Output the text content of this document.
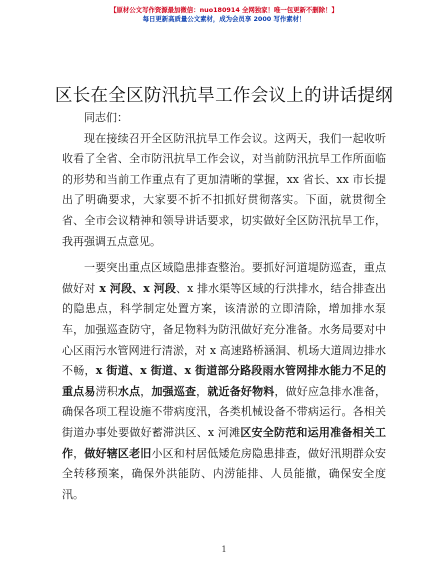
【原材公文写作资源最加微信：nuo180914 全网独家！唯一包更新不删除！】
每日更新高质量公文素材，成为会员享 2000 写作素材！
区长在全区防汛抗旱工作会议上的讲话提纲

同志们：

现在接续召开全区防汛抗旱工作会议。这两天，我们一起收听收看了全省、全市防汛抗旱工作会议，对当前防汛抗旱工作所面临的形势和当前工作重点有了更加清晰的掌握，xx 省长、xx 市长提出了明确要求，大家要不折不扣抓好贯彻落实。下面，就贯彻全省、全市会议精神和领导讲话要求，切实做好全区防汛抗旱工作，我再强调五点意见。

一要突出重点区域隐患排查整治。要抓好河道堤防巡查，重点做好对 x 河段、x 河段、x 排水渠等区域的行洪排水，结合排查出的隐患点，科学制定处置方案，该清淤的立即清除，增加排水泵车，加强巡查防守，备足物料为防汛做好充分准备。水务局要对中心区雨污水管网进行清淤，对 x 高速路桥涵洞、机场大道周边排水不畅，x 街道、x 街道、x 街道部分路段雨水管网排水能力不足的重点易涝积水点，加强巡查，就近备好物料，做好应急排水准备，确保各项工程设施不带病度汛，各类机械设备不带病运行。各相关街道办事处要做好蓄滞洪区、x 河滩区安全防范和运用准备相关工作，做好辖区老旧小区和村居低矮危房隐患排查，做好汛期群众安全转移预案，确保外洪能防、内涝能排、人员能撤，确保安全度汛。

1
